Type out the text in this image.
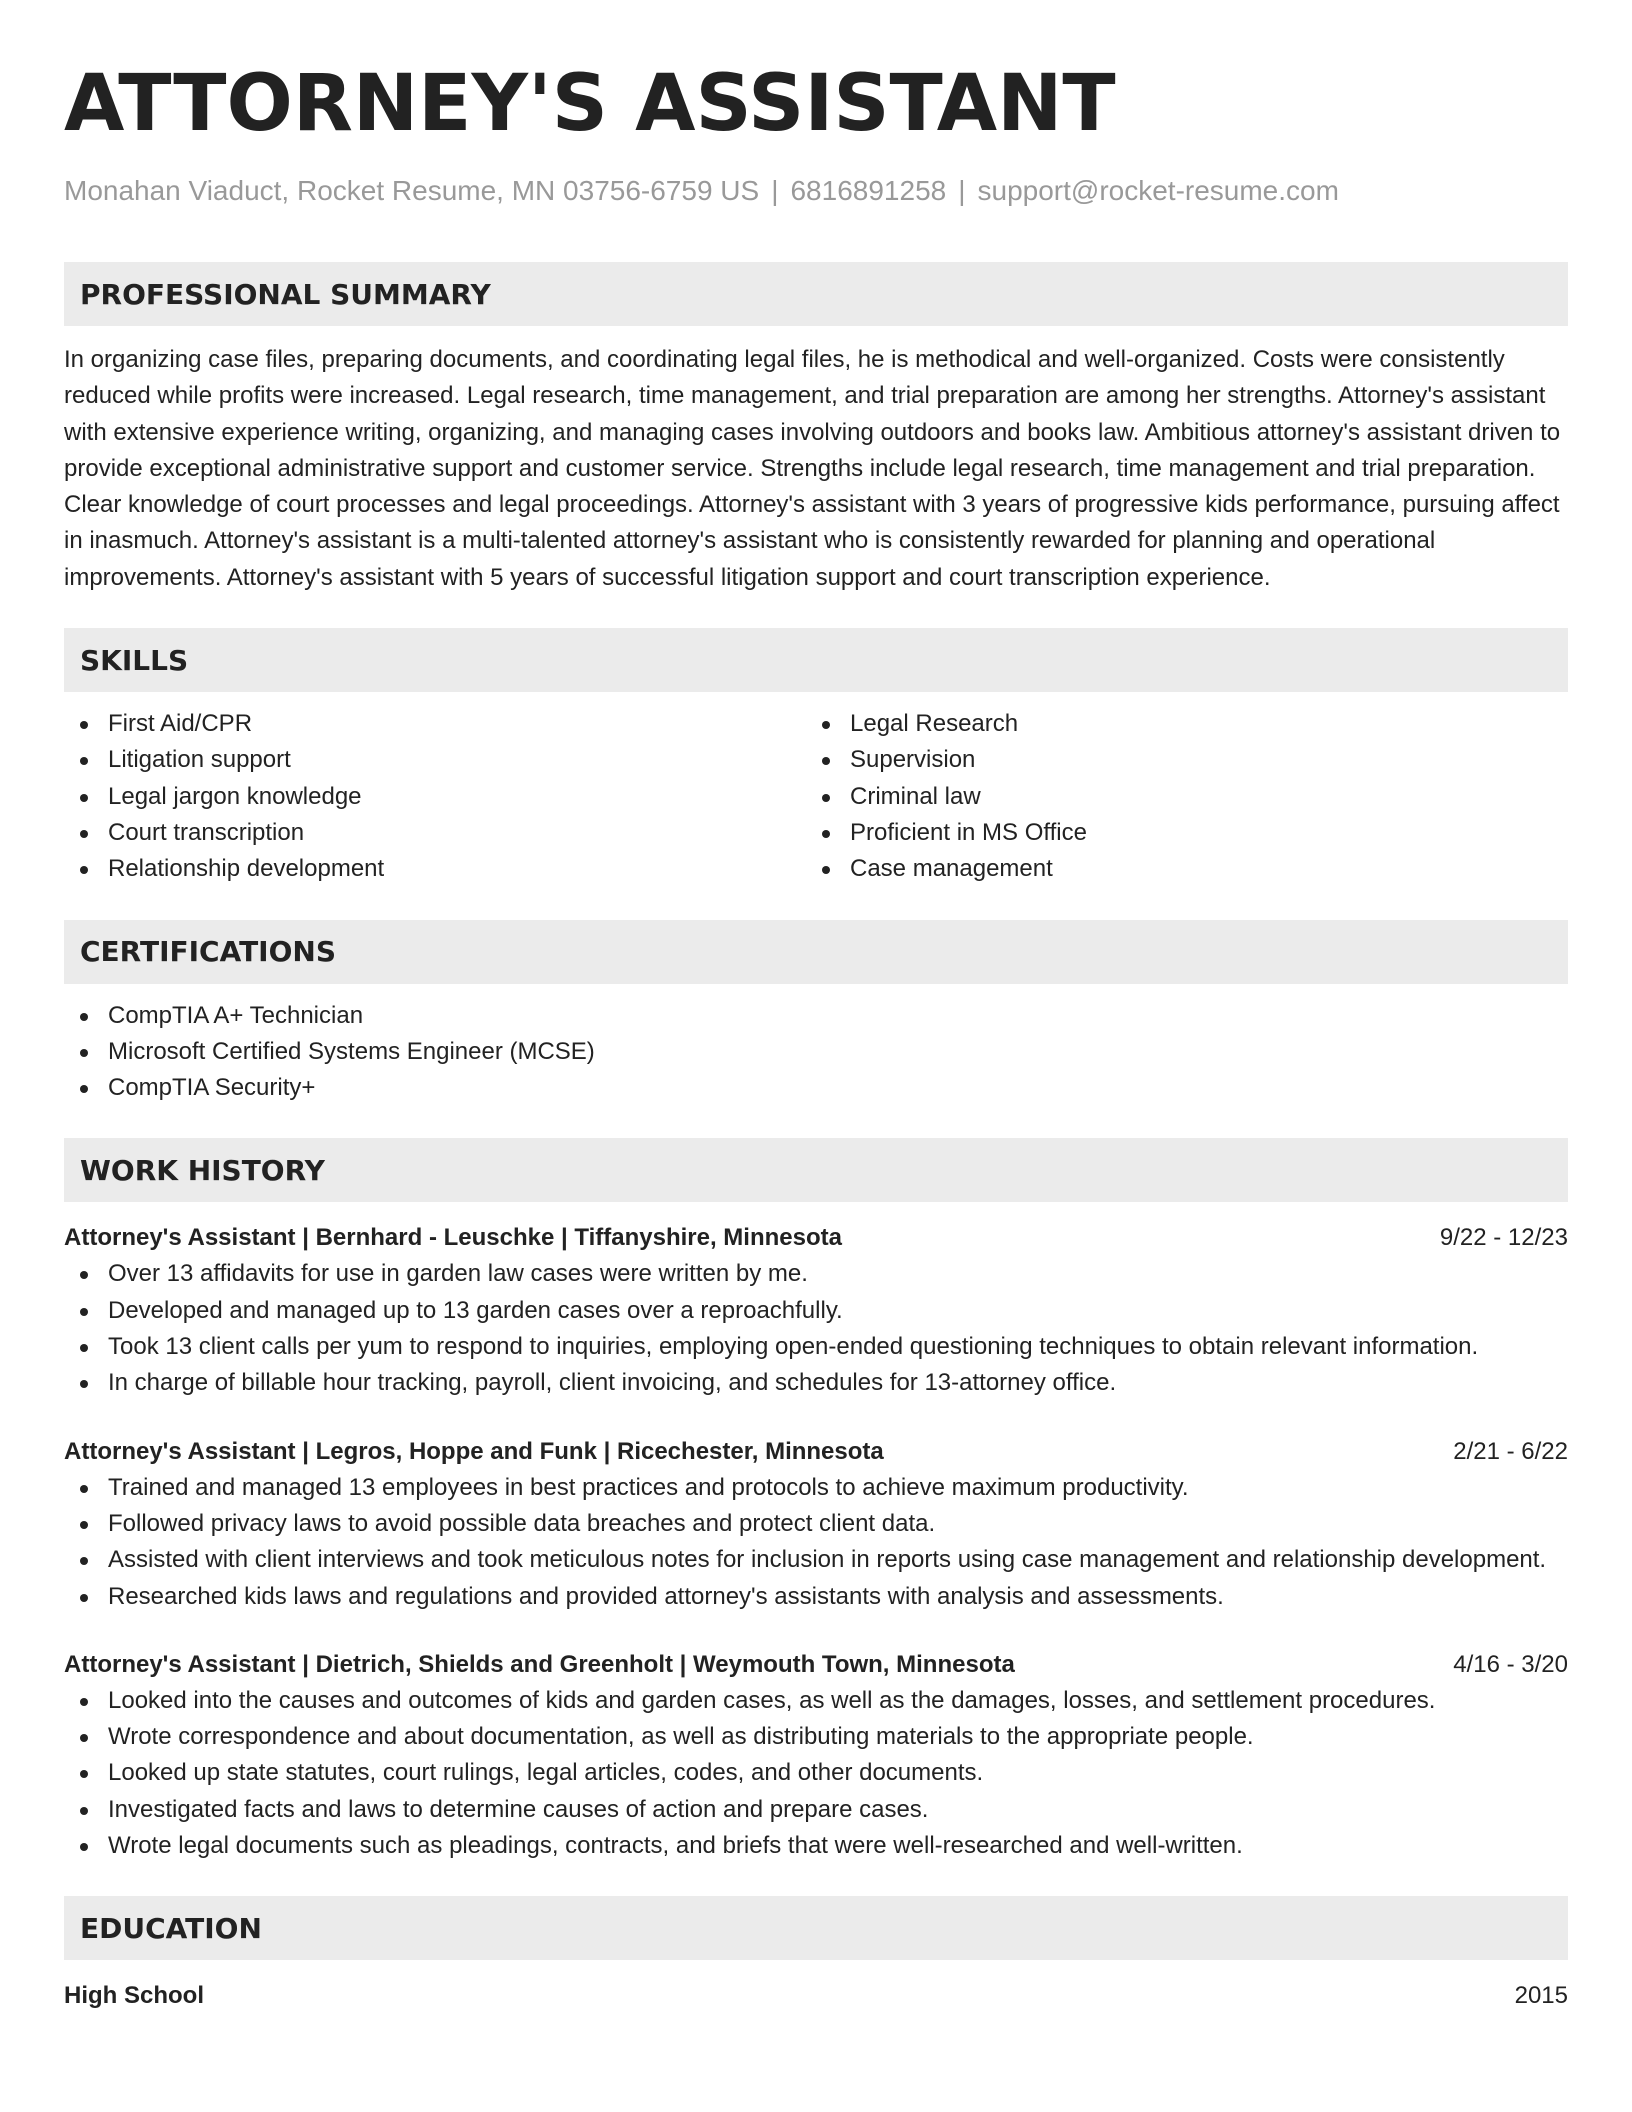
ATTORNEY'S ASSISTANT
Monahan Viaduct, Rocket Resume, MN 03756-6759 US | 6816891258 | support@rocket-resume.com
PROFESSIONAL SUMMARY

In organizing case files, preparing documents, and coordinating legal files, he is methodical and well-organized. Costs were consistently reduced while profits were increased. Legal research, time management, and trial preparation are among her strengths. Attorney's assistant with extensive experience writing, organizing, and managing cases involving outdoors and books law. Ambitious attorney's assistant driven to provide exceptional administrative support and customer service. Strengths include legal research, time management and trial preparation. Clear knowledge of court processes and legal proceedings. Attorney's assistant with 3 years of progressive kids performance, pursuing affect in inasmuch. Attorney's assistant is a multi-talented attorney's assistant who is consistently rewarded for planning and operational improvements. Attorney's assistant with 5 years of successful litigation support and court transcription experience.

SKILLS
First Aid/CPR
Litigation support
Legal jargon knowledge
Court transcription
Relationship development
Legal Research
Supervision
Criminal law
Proficient in MS Office
Case management
CERTIFICATIONS
CompTIA A+ Technician
Microsoft Certified Systems Engineer (MCSE)
CompTIA Security+
WORK HISTORY
Attorney's Assistant | Bernhard - Leuschke | Tiffanyshire, Minnesota	9/22 - 12/23
Over 13 affidavits for use in garden law cases were written by me.
Developed and managed up to 13 garden cases over a reproachfully.
Took 13 client calls per yum to respond to inquiries, employing open-ended questioning techniques to obtain relevant information.
In charge of billable hour tracking, payroll, client invoicing, and schedules for 13-attorney office.
Attorney's Assistant | Legros, Hoppe and Funk | Ricechester, Minnesota	2/21 - 6/22
Trained and managed 13 employees in best practices and protocols to achieve maximum productivity.
Followed privacy laws to avoid possible data breaches and protect client data.
Assisted with client interviews and took meticulous notes for inclusion in reports using case management and relationship development.
Researched kids laws and regulations and provided attorney's assistants with analysis and assessments.
Attorney's Assistant | Dietrich, Shields and Greenholt | Weymouth Town, Minnesota	4/16 - 3/20
Looked into the causes and outcomes of kids and garden cases, as well as the damages, losses, and settlement procedures.
Wrote correspondence and about documentation, as well as distributing materials to the appropriate people.
Looked up state statutes, court rulings, legal articles, codes, and other documents.
Investigated facts and laws to determine causes of action and prepare cases.
Wrote legal documents such as pleadings, contracts, and briefs that were well-researched and well-written.
EDUCATION
High School	2015
